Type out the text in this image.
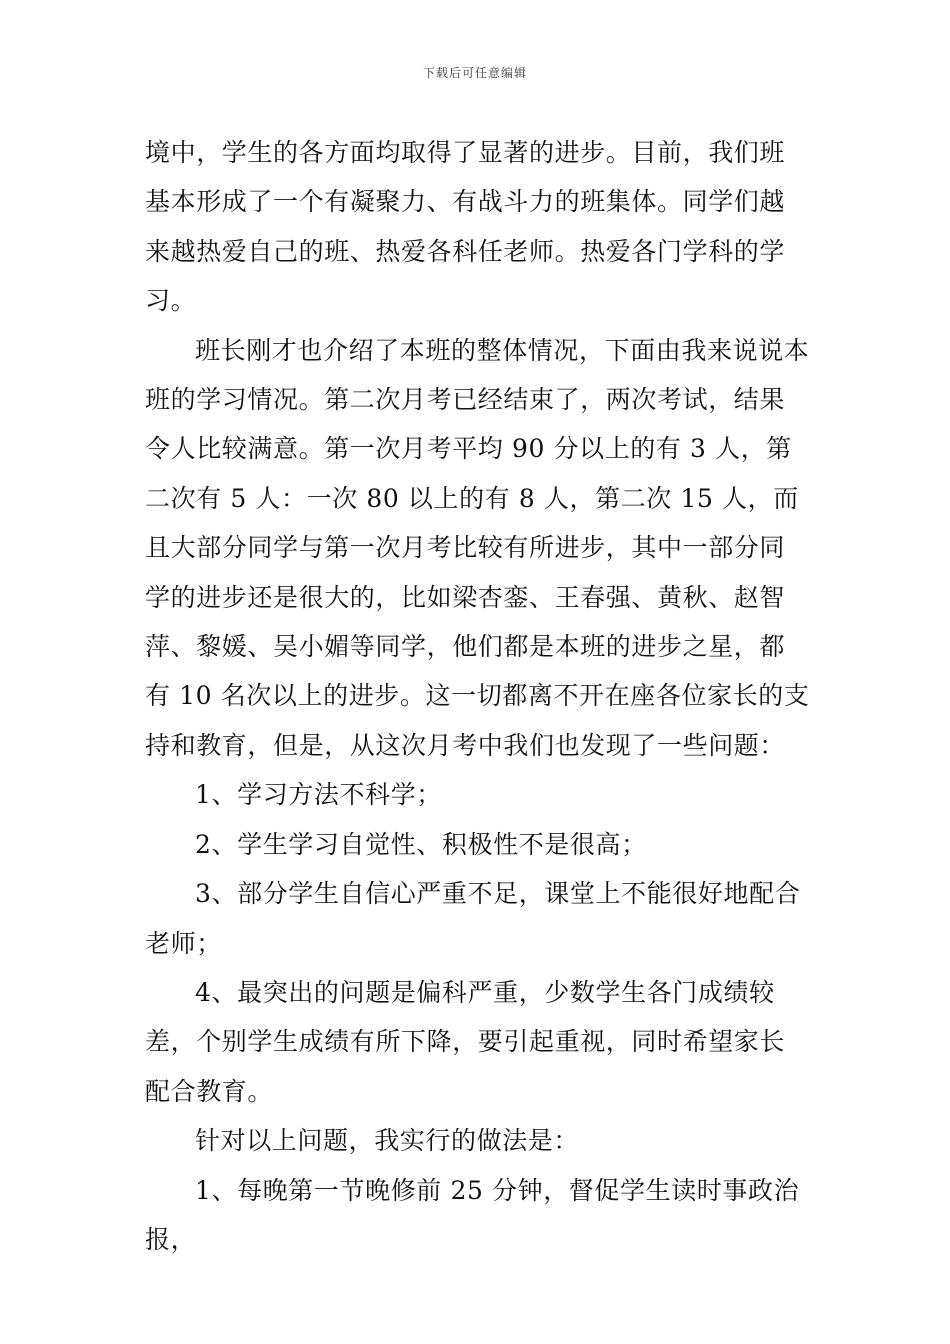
下载后可任意编辑

境中，学生的各方面均取得了显著的进步。目前，我们班基本形成了一个有凝聚力、有战斗力的班集体。同学们越来越热爱自己的班、热爱各科任老师。热爱各门学科的学习。

班长刚才也介绍了本班的整体情况，下面由我来说说本班的学习情况。第二次月考已经结束了，两次考试，结果令人比较满意。第一次月考平均 90 分以上的有 3 人，第二次有 5 人：一次 80 以上的有 8 人，第二次 15 人，而且大部分同学与第一次月考比较有所进步，其中一部分同学的进步还是很大的，比如梁杏銮、王春强、黄秋、赵智萍、黎媛、吴小媚等同学，他们都是本班的进步之星，都有 10 名次以上的进步。这一切都离不开在座各位家长的支持和教育，但是，从这次月考中我们也发现了一些问题：

1、学习方法不科学；

2、学生学习自觉性、积极性不是很高；

3、部分学生自信心严重不足，课堂上不能很好地配合老师；

4、最突出的问题是偏科严重，少数学生各门成绩较差，个别学生成绩有所下降，要引起重视，同时希望家长配合教育。

针对以上问题，我实行的做法是：

1、每晚第一节晚修前 25 分钟，督促学生读时事政治报，
